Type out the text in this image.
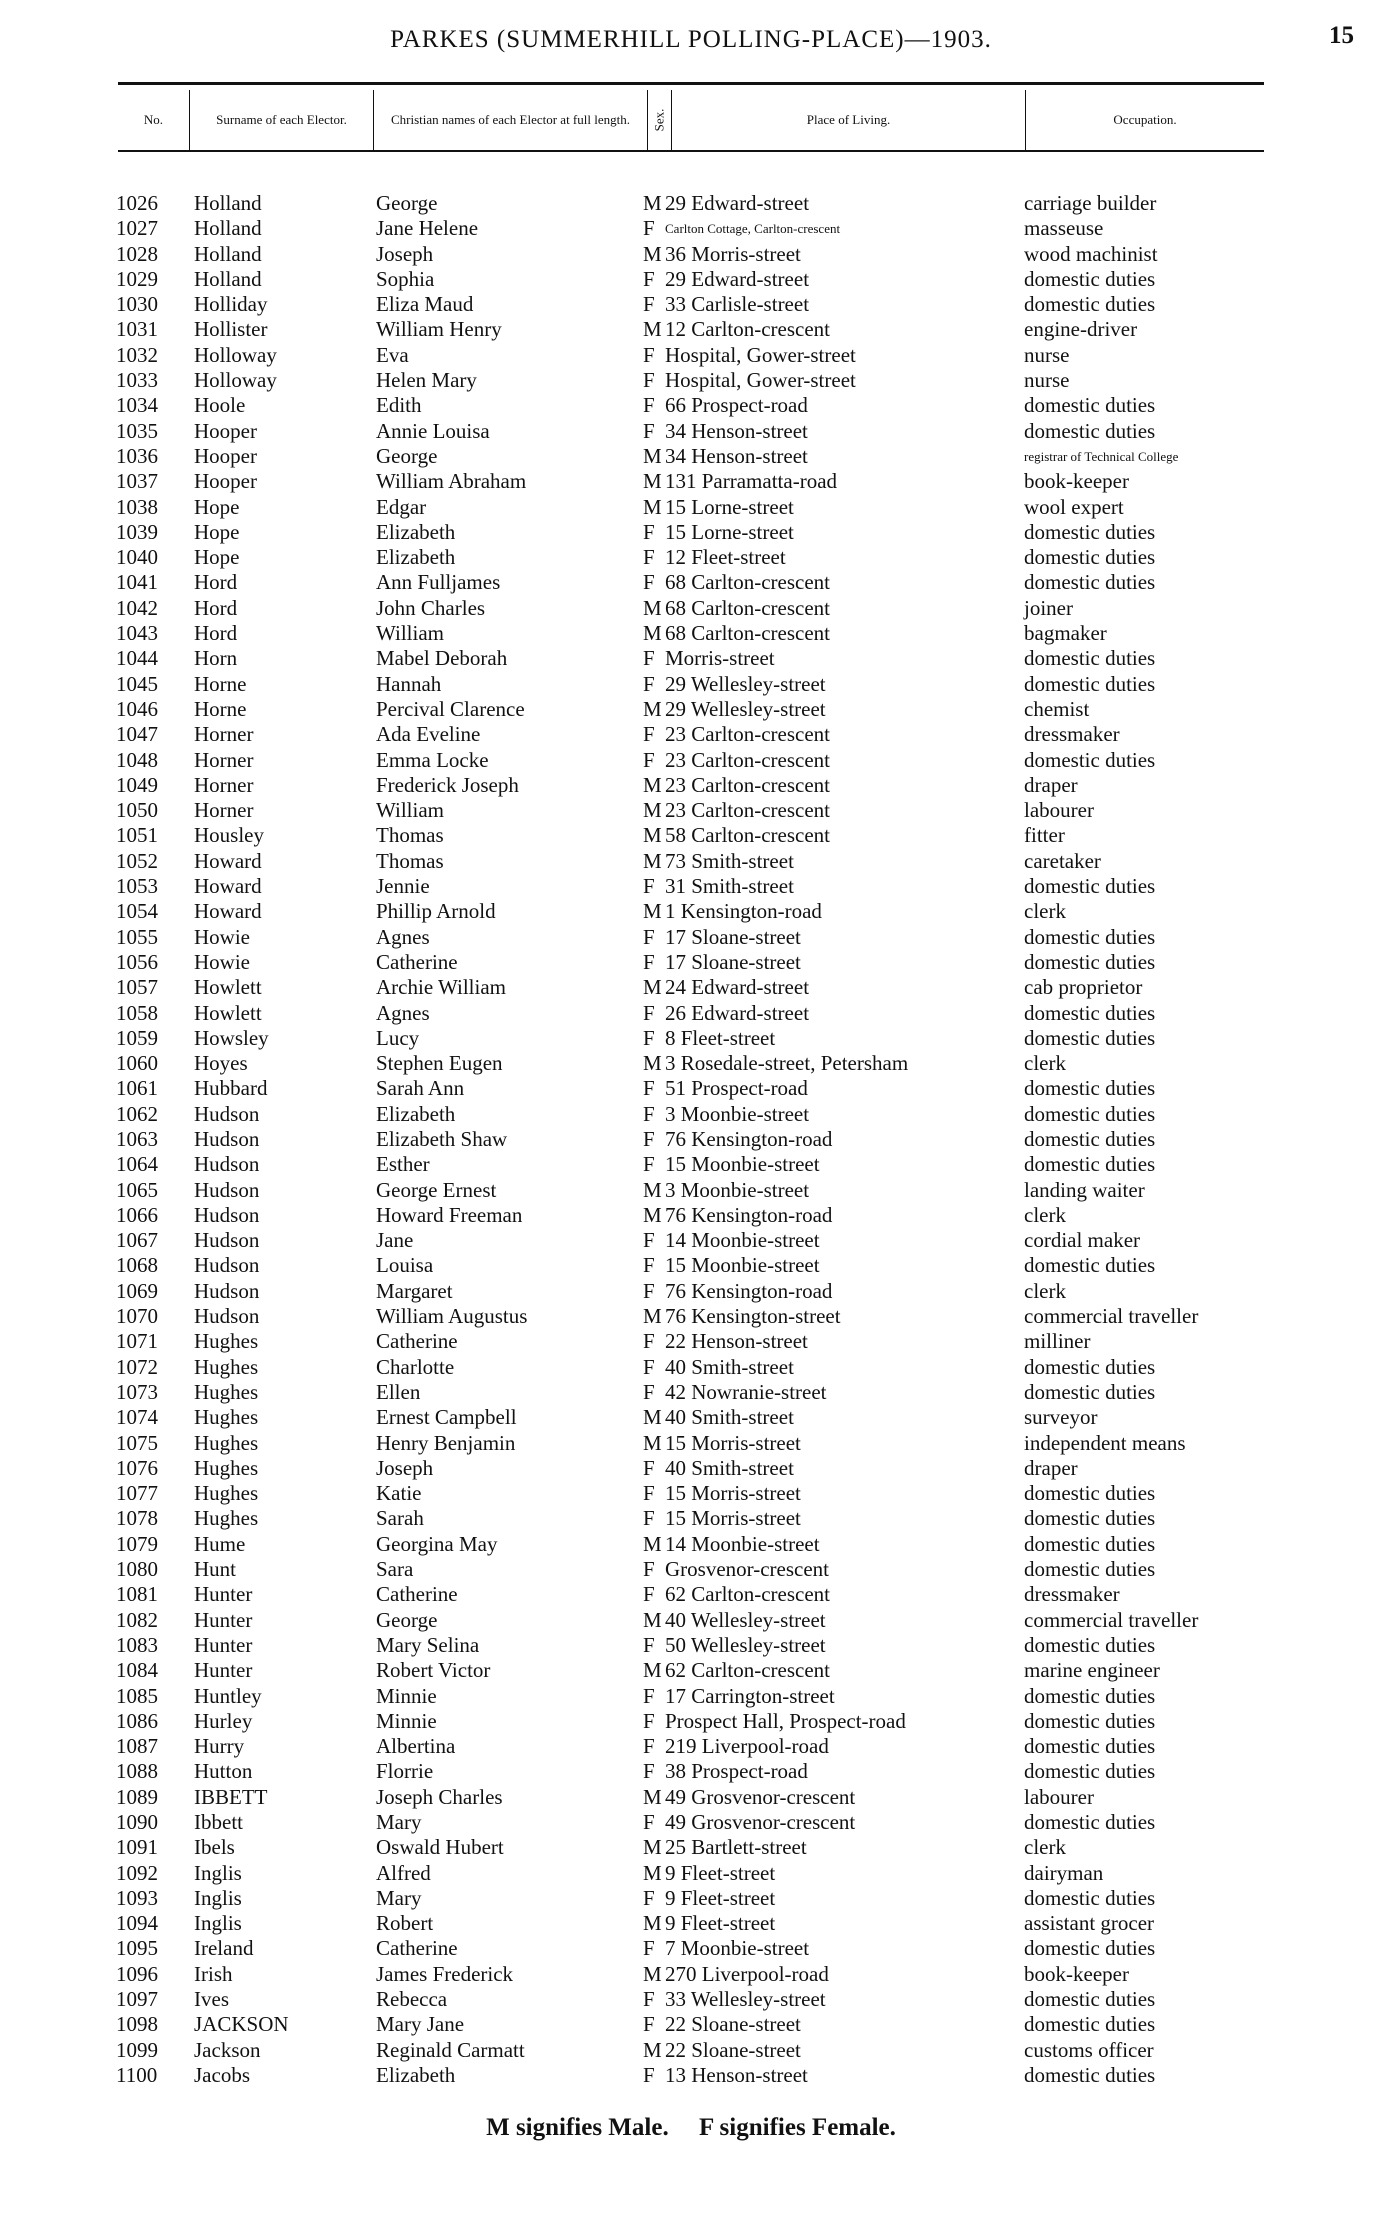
PARKES (SUMMERHILL POLLING-PLACE)—1903.	15
No.	Surname of each Elector.	Christian names of each Elector at full length.	Sex.	Place of Living.	Occupation.
1026 Holland	George	M 29 Edward-street	carriage builder
1027 Holland	Jane Helene	F Carlton Cottage, Carlton-crescent	masseuse
1028 Holland	Joseph	M 36 Morris-street	wood machinist
1029 Holland	Sophia	F 29 Edward-street	domestic duties
1030 Holliday	Eliza Maud	F 33 Carlisle-street	domestic duties
1031 Hollister	William Henry	M 12 Carlton-crescent	engine-driver
1032 Holloway	Eva	F Hospital, Gower-street	nurse
1033 Holloway	Helen Mary	F Hospital, Gower-street	nurse
1034 Hoole	Edith	F 66 Prospect-road	domestic duties
1035 Hooper	Annie Louisa	F 34 Henson-street	domestic duties
1036 Hooper	George	M 34 Henson-street	registrar of Technical College
1037 Hooper	William Abraham	M 131 Parramatta-road	book-keeper
1038 Hope	Edgar	M 15 Lorne-street	wool expert
1039 Hope	Elizabeth	F 15 Lorne-street	domestic duties
1040 Hope	Elizabeth	F 12 Fleet-street	domestic duties
1041 Hord	Ann Fulljames	F 68 Carlton-crescent	domestic duties
1042 Hord	John Charles	M 68 Carlton-crescent	joiner
1043 Hord	William	M 68 Carlton-crescent	bagmaker
1044 Horn	Mabel Deborah	F Morris-street	domestic duties
1045 Horne	Hannah	F 29 Wellesley-street	domestic duties
1046 Horne	Percival Clarence	M 29 Wellesley-street	chemist
1047 Horner	Ada Eveline	F 23 Carlton-crescent	dressmaker
1048 Horner	Emma Locke	F 23 Carlton-crescent	domestic duties
1049 Horner	Frederick Joseph	M 23 Carlton-crescent	draper
1050 Horner	William	M 23 Carlton-crescent	labourer
1051 Housley	Thomas	M 58 Carlton-crescent	fitter
1052 Howard	Thomas	M 73 Smith-street	caretaker
1053 Howard	Jennie	F 31 Smith-street	domestic duties
1054 Howard	Phillip Arnold	M 1 Kensington-road	clerk
1055 Howie	Agnes	F 17 Sloane-street	domestic duties
1056 Howie	Catherine	F 17 Sloane-street	domestic duties
1057 Howlett	Archie William	M 24 Edward-street	cab proprietor
1058 Howlett	Agnes	F 26 Edward-street	domestic duties
1059 Howsley	Lucy	F 8 Fleet-street	domestic duties
1060 Hoyes	Stephen Eugen	M 3 Rosedale-street, Petersham	clerk
1061 Hubbard	Sarah Ann	F 51 Prospect-road	domestic duties
1062 Hudson	Elizabeth	F 3 Moonbie-street	domestic duties
1063 Hudson	Elizabeth Shaw	F 76 Kensington-road	domestic duties
1064 Hudson	Esther	F 15 Moonbie-street	domestic duties
1065 Hudson	George Ernest	M 3 Moonbie-street	landing waiter
1066 Hudson	Howard Freeman	M 76 Kensington-road	clerk
1067 Hudson	Jane	F 14 Moonbie-street	cordial maker
1068 Hudson	Louisa	F 15 Moonbie-street	domestic duties
1069 Hudson	Margaret	F 76 Kensington-road	clerk
1070 Hudson	William Augustus	M 76 Kensington-street	commercial traveller
1071 Hughes	Catherine	F 22 Henson-street	milliner
1072 Hughes	Charlotte	F 40 Smith-street	domestic duties
1073 Hughes	Ellen	F 42 Nowranie-street	domestic duties
1074 Hughes	Ernest Campbell	M 40 Smith-street	surveyor
1075 Hughes	Henry Benjamin	M 15 Morris-street	independent means
1076 Hughes	Joseph	F 40 Smith-street	draper
1077 Hughes	Katie	F 15 Morris-street	domestic duties
1078 Hughes	Sarah	F 15 Morris-street	domestic duties
1079 Hume	Georgina May	M 14 Moonbie-street	domestic duties
1080 Hunt	Sara	F Grosvenor-crescent	domestic duties
1081 Hunter	Catherine	F 62 Carlton-crescent	dressmaker
1082 Hunter	George	M 40 Wellesley-street	commercial traveller
1083 Hunter	Mary Selina	F 50 Wellesley-street	domestic duties
1084 Hunter	Robert Victor	M 62 Carlton-crescent	marine engineer
1085 Huntley	Minnie	F 17 Carrington-street	domestic duties
1086 Hurley	Minnie	F Prospect Hall, Prospect-road	domestic duties
1087 Hurry	Albertina	F 219 Liverpool-road	domestic duties
1088 Hutton	Florrie	F 38 Prospect-road	domestic duties
1089 IBBETT	Joseph Charles	M 49 Grosvenor-crescent	labourer
1090 Ibbett	Mary	F 49 Grosvenor-crescent	domestic duties
1091 Ibels	Oswald Hubert	M 25 Bartlett-street	clerk
1092 Inglis	Alfred	M 9 Fleet-street	dairyman
1093 Inglis	Mary	F 9 Fleet-street	domestic duties
1094 Inglis	Robert	M 9 Fleet-street	assistant grocer
1095 Ireland	Catherine	F 7 Moonbie-street	domestic duties
1096 Irish	James Frederick	M 270 Liverpool-road	book-keeper
1097 Ives	Rebecca	F 33 Wellesley-street	domestic duties
1098 JACKSON	Mary Jane	F 22 Sloane-street	domestic duties
1099 Jackson	Reginald Carmatt	M 22 Sloane-street	customs officer
1100 Jacobs	Elizabeth	F 13 Henson-street	domestic duties
M signifies Male. F signifies Female.
